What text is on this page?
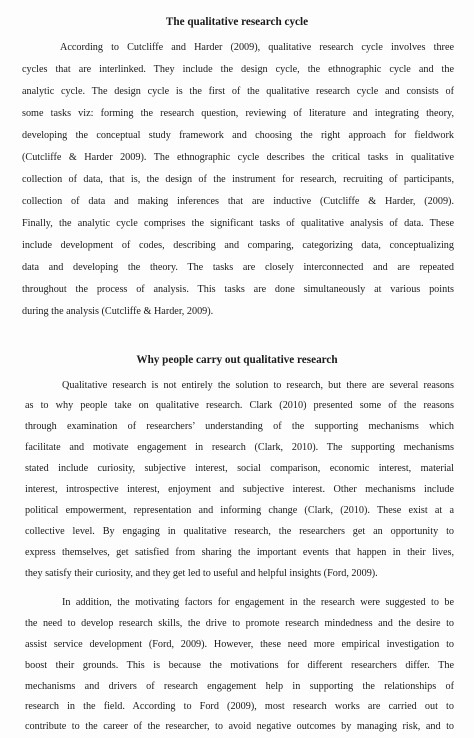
The qualitative research cycle
According to Cutcliffe and Harder (2009), qualitative research cycle involves three
cycles that are interlinked. They include the design cycle, the ethnographic cycle and the
analytic cycle. The design cycle is the first of the qualitative research cycle and consists of
some tasks viz: forming the research question, reviewing of literature and integrating theory,
developing the conceptual study framework and choosing the right approach for fieldwork
(Cutcliffe & Harder 2009). The ethnographic cycle describes the critical tasks in qualitative
collection of data, that is, the design of the instrument for research, recruiting of participants,
collection of data and making inferences that are inductive (Cutcliffe & Harder, (2009).
Finally, the analytic cycle comprises the significant tasks of qualitative analysis of data. These
include development of codes, describing and comparing, categorizing data, conceptualizing
data and developing the theory. The tasks are closely interconnected and are repeated
throughout the process of analysis. This tasks are done simultaneously at various points
during the analysis (Cutcliffe & Harder, 2009).
Why people carry out qualitative research
Qualitative research is not entirely the solution to research, but there are several reasons
as to why people take on qualitative research. Clark (2010) presented some of the reasons
through examination of researchers’ understanding of the supporting mechanisms which
facilitate and motivate engagement in research (Clark, 2010). The supporting mechanisms
stated include curiosity, subjective interest, social comparison, economic interest, material
interest, introspective interest, enjoyment and subjective interest. Other mechanisms include
political empowerment, representation and informing change (Clark, (2010). These exist at a
collective level. By engaging in qualitative research, the researchers get an opportunity to
express themselves, get satisfied from sharing the important events that happen in their lives,
they satisfy their curiosity, and they get led to useful and helpful insights (Ford, 2009).
In addition, the motivating factors for engagement in the research were suggested to be
the need to develop research skills, the drive to promote research mindedness and the desire to
assist service development (Ford, 2009). However, these need more empirical investigation to
boost their grounds. This is because the motivations for different researchers differ. The
mechanisms and drivers of research engagement help in supporting the relationships of
research in the field. According to Ford (2009), most research works are carried out to
contribute to the career of the researcher, to avoid negative outcomes by managing risk, and to
